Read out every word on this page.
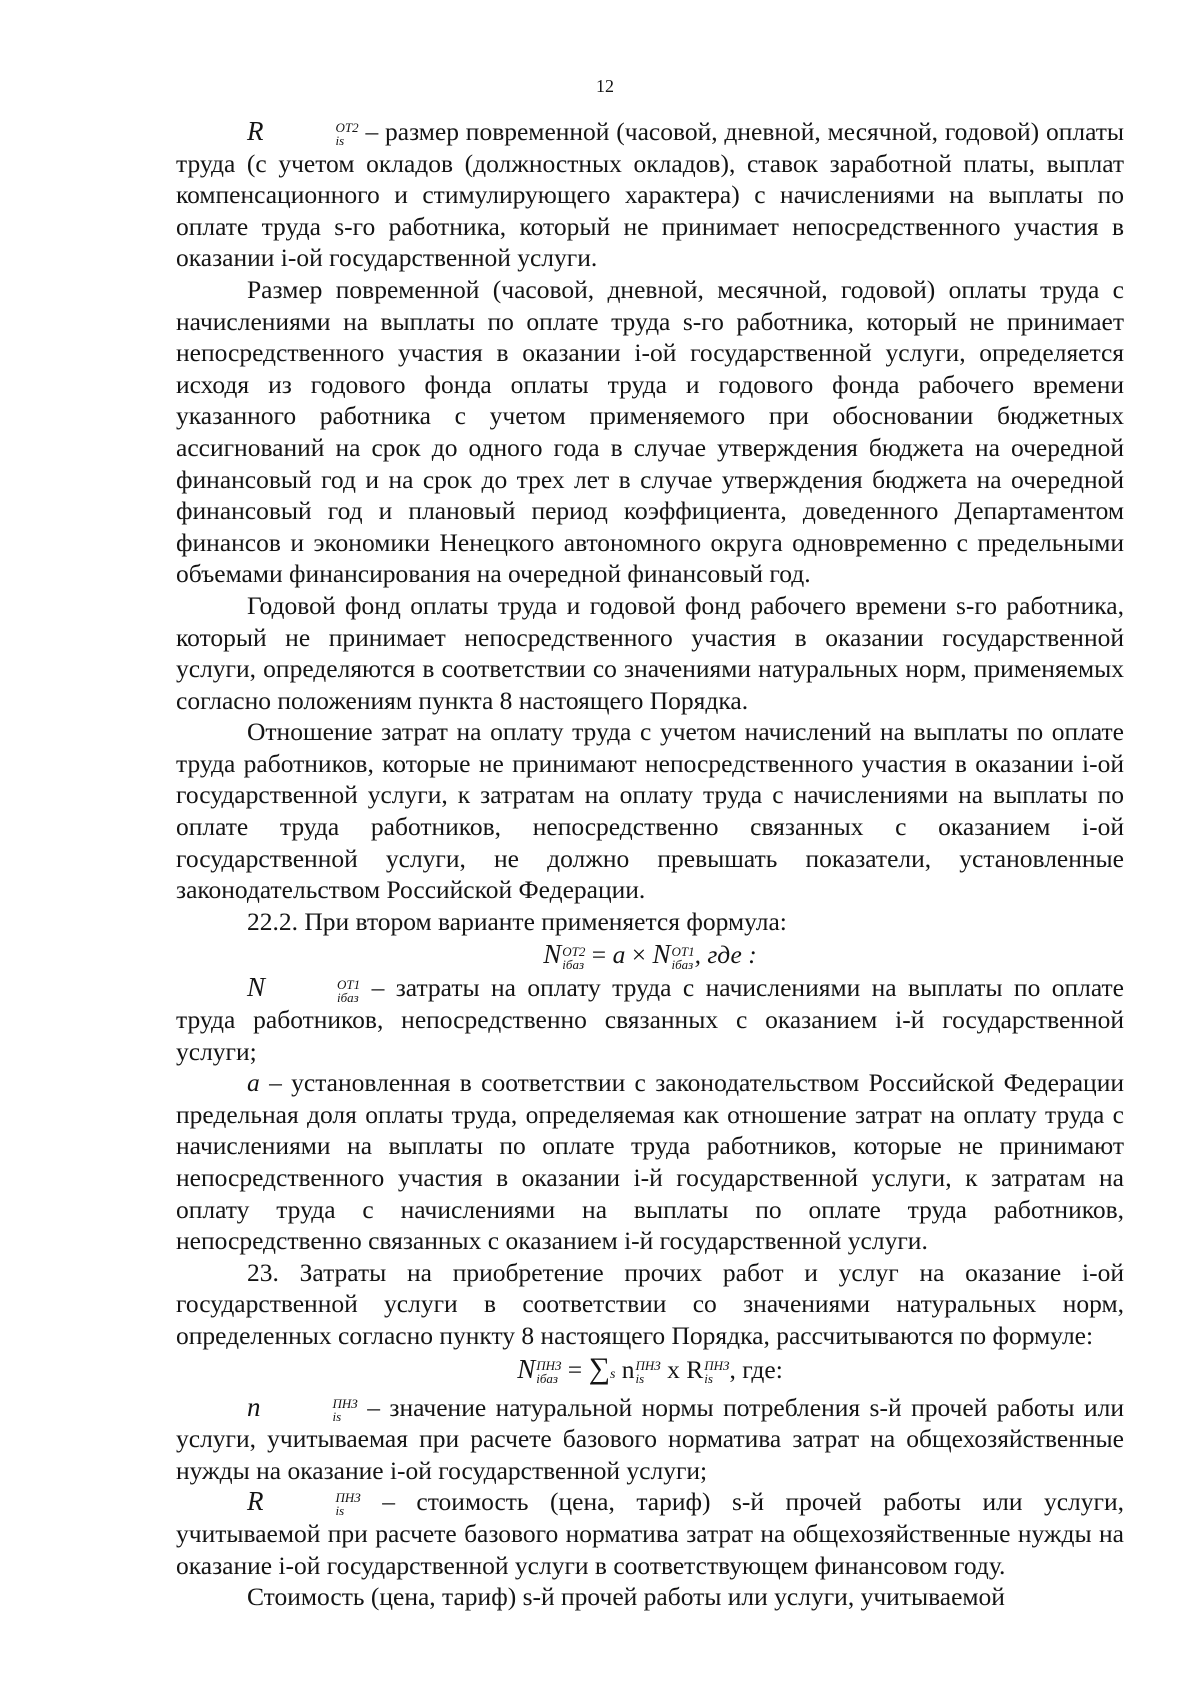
12

R	ОТ2
is – размер повременной (часовой, дневной, месячной, годовой) оплаты труда (с учетом окладов (должностных окладов), ставок заработной платы, выплат компенсационного и стимулирующего характера) с начислениями на выплаты по оплате труда s-го работника, который не принимает непосредственного участия в оказании i-ой государственной услуги.

Размер повременной (часовой, дневной, месячной, годовой) оплаты труда с начислениями на выплаты по оплате труда s-го работника, который не принимает непосредственного участия в оказании i-ой государственной услуги, определяется исходя из годового фонда оплаты труда и годового фонда рабочего времени указанного работника с учетом применяемого при обосновании бюджетных ассигнований на срок до одного года в случае утверждения бюджета на очередной финансовый год и на срок до трех лет в случае утверждения бюджета на очередной финансовый год и плановый период коэффициента, доведенного Департаментом финансов и экономики Ненецкого автономного округа одновременно с предельными объемами финансирования на очередной финансовый год.

Годовой фонд оплаты труда и годовой фонд рабочего времени s-го работника, который не принимает непосредственного участия в оказании государственной услуги, определяются в соответствии со значениями натуральных норм, применяемых согласно положениям пункта 8 настоящего Порядка.

Отношение затрат на оплату труда с учетом начислений на выплаты по оплате труда работников, которые не принимают непосредственного участия в оказании i-ой государственной услуги, к затратам на оплату труда с начислениями на выплаты по оплате труда работников, непосредственно связанных с оказанием i-ой государственной услуги, не должно превышать показатели, установленные законодательством Российской Федерации.

22.2. При втором варианте применяется формула:

N ОТ2
iбаз = a × N ОТ1
iбаз , где :

N	ОТ1
iбаз – затраты на оплату труда с начислениями на выплаты по оплате труда работников, непосредственно связанных с оказанием i-й государственной услуги;

a – установленная в соответствии с законодательством Российской Федерации предельная доля оплаты труда, определяемая как отношение затрат на оплату труда с начислениями на выплаты по оплате труда работников, которые не принимают непосредственного участия в оказании i-й государственной услуги, к затратам на оплату труда с начислениями на выплаты по оплате труда работников, непосредственно связанных с оказанием i-й государственной услуги.

23. Затраты на приобретение прочих работ и услуг на оказание i-ой государственной услуги в соответствии со значениями натуральных норм, определенных согласно пункту 8 настоящего Порядка, рассчитываются по формуле:

N ПНЗ
iбаз = ∑s n ПНЗ
is x R ПНЗ
is , где:

n	ПНЗ
is	– значение натуральной нормы потребления s-й прочей работы или услуги, учитываемая при расчете базового норматива затрат на общехозяйственные нужды на оказание i-ой государственной услуги;

R	ПНЗ
is	– стоимость (цена, тариф) s-й прочей работы или услуги, учитываемой при расчете базового норматива затрат на общехозяйственные нужды на оказание i-ой государственной услуги в соответствующем финансовом году.

Стоимость (цена, тариф) s-й прочей работы или услуги, учитываемой
